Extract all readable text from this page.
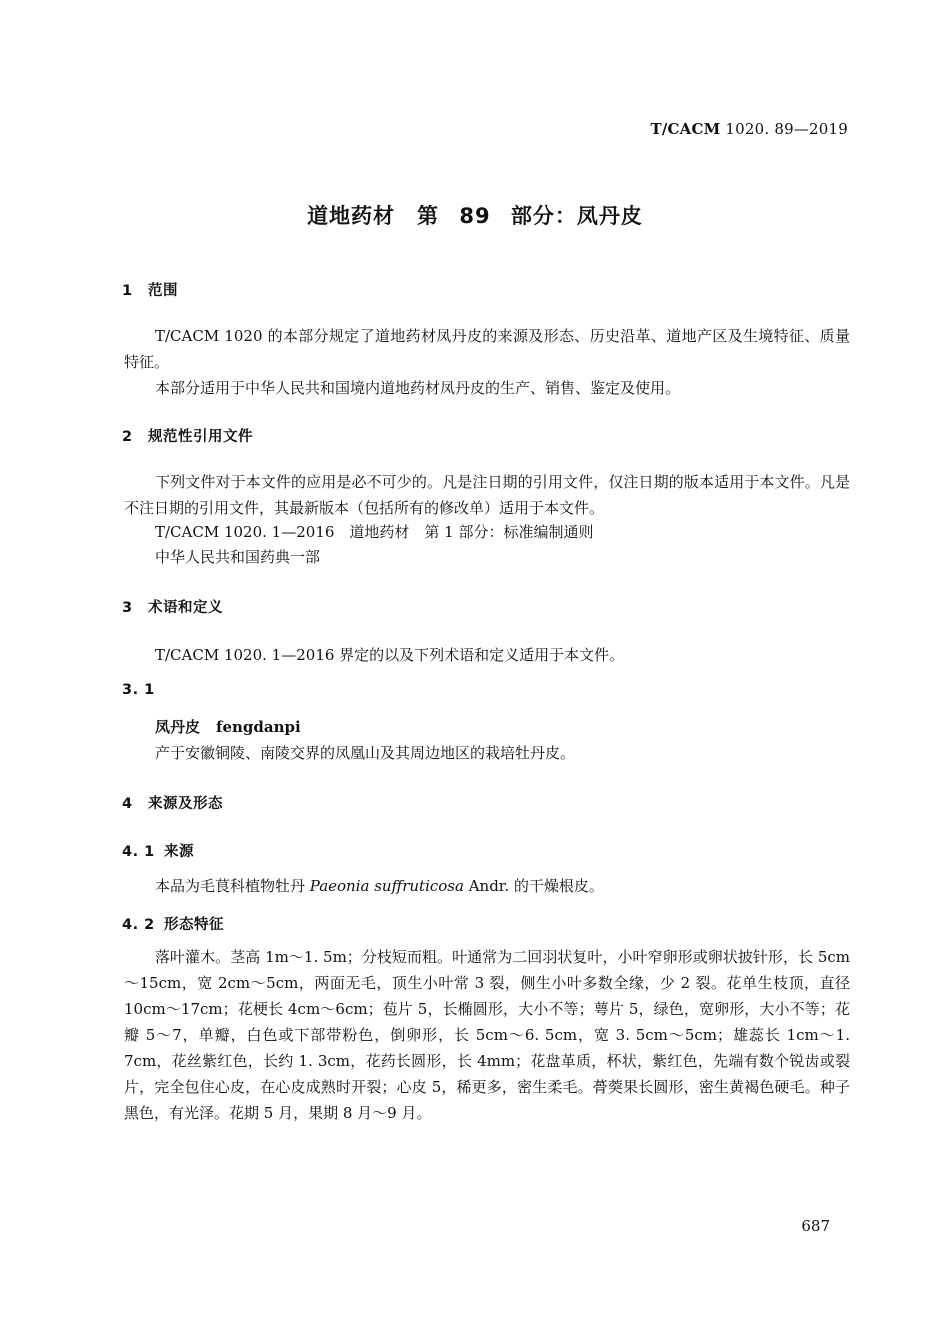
T/CACM 1020. 89—2019
道地药材　第 89 部分：凤丹皮
1 范围
T/CACM 1020 的本部分规定了道地药材凤丹皮的来源及形态、历史沿革、道地产区及生境特征、质量特征。
本部分适用于中华人民共和国境内道地药材凤丹皮的生产、销售、鉴定及使用。
2 规范性引用文件
下列文件对于本文件的应用是必不可少的。凡是注日期的引用文件，仅注日期的版本适用于本文件。凡是不注日期的引用文件，其最新版本（包括所有的修改单）适用于本文件。
T/CACM 1020. 1—2016　道地药材　第 1 部分：标准编制通则
中华人民共和国药典一部
3 术语和定义
T/CACM 1020. 1—2016 界定的以及下列术语和定义适用于本文件。
3. 1
凤丹皮 fengdanpi
产于安徽铜陵、南陵交界的凤凰山及其周边地区的栽培牡丹皮。
4 来源及形态
4. 1 来源
本品为毛茛科植物牡丹 Paeonia suffruticosa Andr. 的干燥根皮。
4. 2 形态特征
落叶灌木。茎高 1m～1. 5m；分枝短而粗。叶通常为二回羽状复叶，小叶窄卵形或卵状披针形，长 5cm～15cm，宽 2cm～5cm，两面无毛，顶生小叶常 3 裂，侧生小叶多数全缘，少 2 裂。花单生枝顶，直径 10cm～17cm；花梗长 4cm～6cm；苞片 5，长椭圆形，大小不等；萼片 5，绿色，宽卵形，大小不等；花瓣 5～7，单瓣，白色或下部带粉色，倒卵形，长 5cm～6. 5cm，宽 3. 5cm～5cm；雄蕊长 1cm～1. 7cm，花丝紫红色，长约 1. 3cm，花药长圆形，长 4mm；花盘革质，杯状，紫红色，先端有数个锐齿或裂片，完全包住心皮，在心皮成熟时开裂；心皮 5，稀更多，密生柔毛。蓇葖果长圆形，密生黄褐色硬毛。种子黑色，有光泽。花期 5 月，果期 8 月～9 月。
687
